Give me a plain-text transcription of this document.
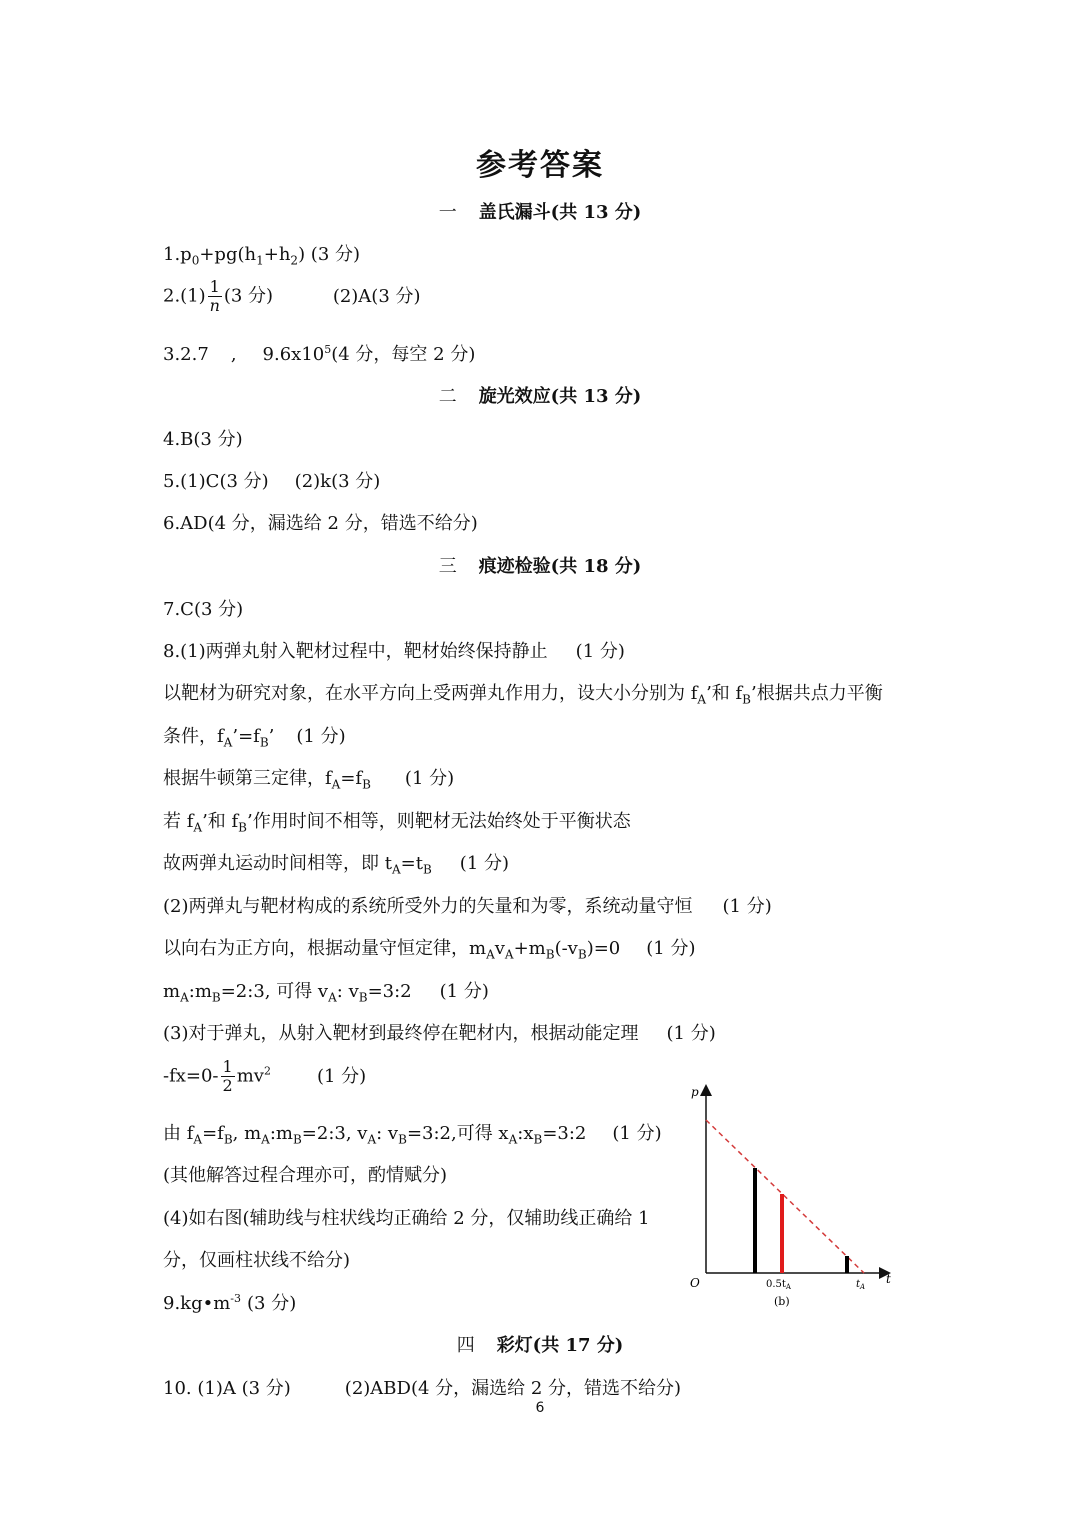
参考答案
一 盖氏漏斗(共 13 分)
$1.p_0+pg(h_1+h_2)$ (3 分)
$2.(1) \frac{1}{n} (3$ 分)	(2)A(3 分)
3.2.7 , $9.6x10^5(4$ 分，每空 2 分)
二 旋光效应(共 13 分)
4.B(3 分)
5.(1)C(3 分) (2)k(3 分)
6.AD(4 分，漏选给 2 分，错选不给分)
三 痕迹检验(共 18 分)
7.C(3 分)
8.(1)两弹丸射入靶材过程中，靶材始终保持静止 (1 分)
以靶材为研究对象，在水平方向上受两弹丸作用力，设大小分别为 $f_A$’和 $f_B$’根据共点力平衡
条件，$f_A’=f_B$’ (1 分)
根据牛顿第三定律，$f_A=f_B$ (1 分)
若 $f_A$’和 $f_B$’作用时间不相等，则靶材无法始终处于平衡状态
故两弹丸运动时间相等，即 $t_A=t_B$ (1 分)
(2)两弹丸与靶材构成的系统所受外力的矢量和为零，系统动量守恒 (1 分)
以向右为正方向，根据动量守恒定律，$m_Av_A+m_B(-v_B)=0$ (1 分)
$m_A:m_B=2:3$, 可得 $v_A$: $v_B=3:2$ (1 分)
(3)对于弹丸，从射入靶材到最终停在靶材内，根据动能定理 (1 分)
$-fx=0- \frac{1}{2} mv^2$	(1 分)
由 $f_A=f_B$, $m_A:m_B=2:3$, $v_A$: $v_B=3:2$,可得 $x_A:x_B=3:2$ (1 分)
(其他解答过程合理亦可，酌情赋分)
(4)如右图(辅助线与柱状线均正确给 2 分，仅辅助线正确给 1
分，仅画柱状线不给分)
$9.kg•m^{-3}$ (3 分)
四 彩灯(共 17 分)
10. (1)A (3 分)	(2)ABD(4 分，漏选给 2 分，错选不给分)
6
p
t
O	$0.5t_A$	$t_A$
(b)
